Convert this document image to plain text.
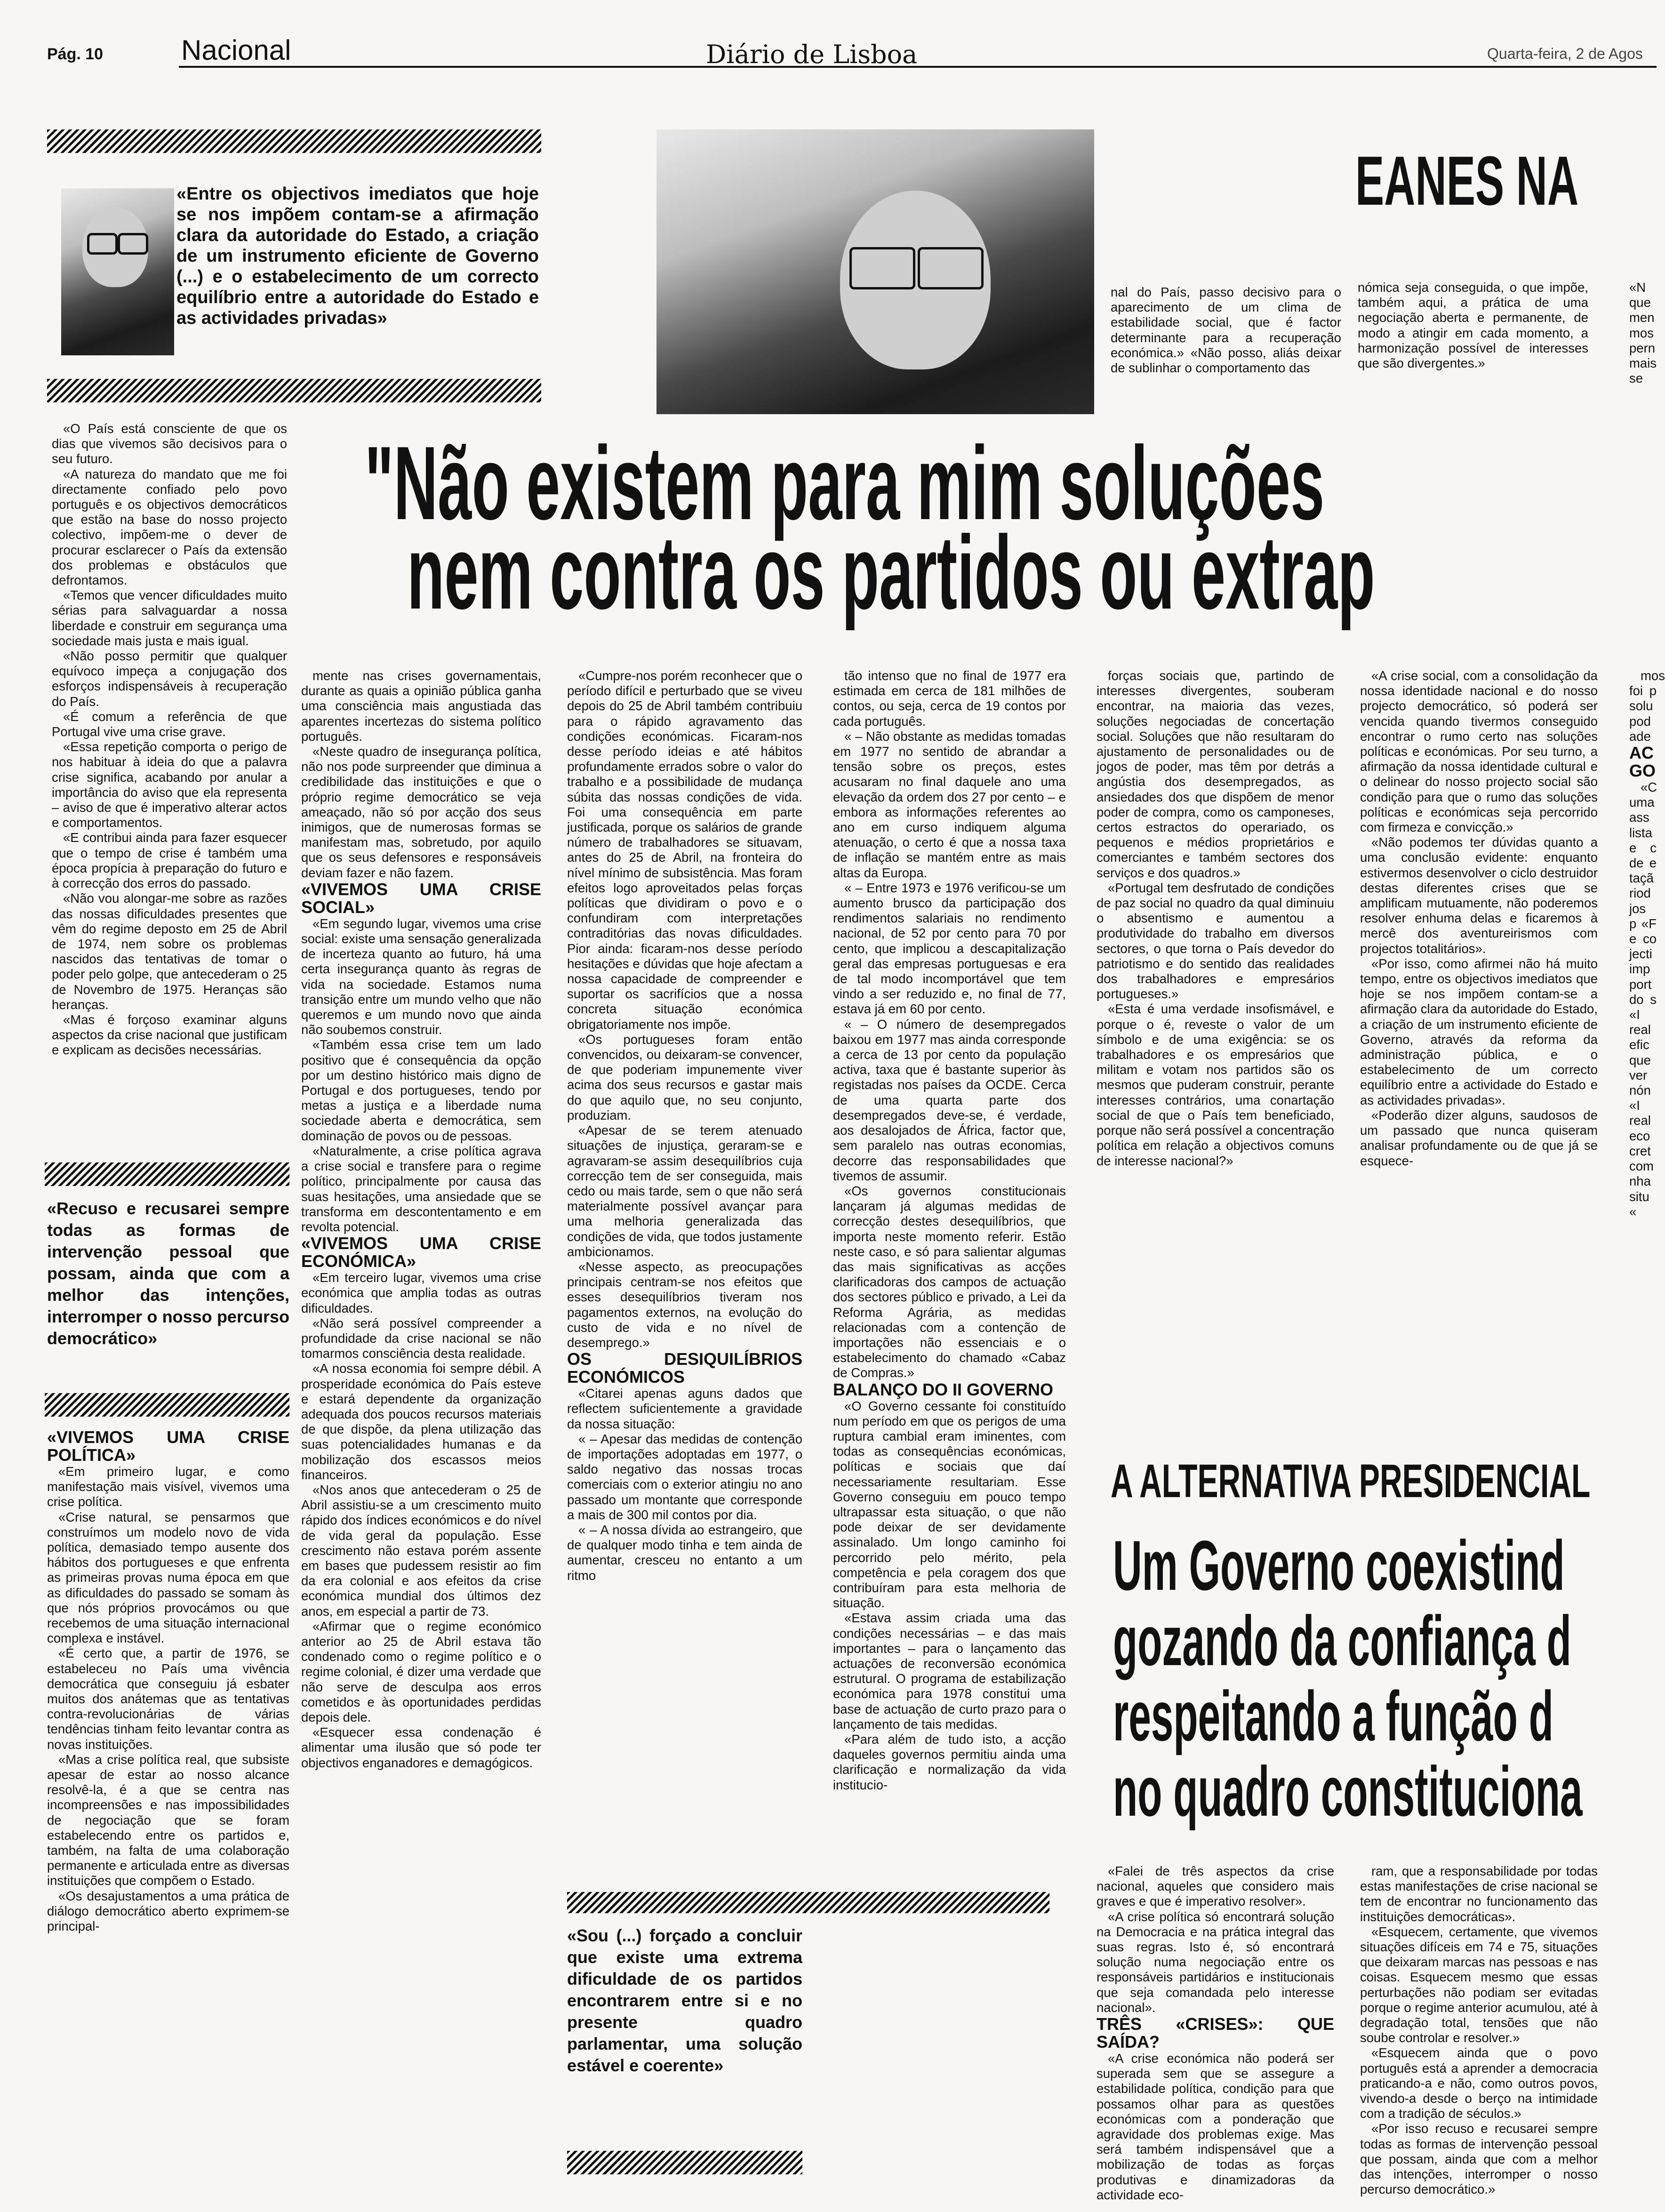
Pág. 10	Nacional	Diário de Lisboa	Quarta-feira, 2 de Agos
«Entre os objectivos imediatos que hoje se nos impõem contam-se a afirmação clara da autoridade do Estado, a criação de um instrumento eficiente de Governo (...) e o estabelecimento de um correcto equilíbrio entre a autoridade do Estado e as actividades privadas»
EANES NA
nal do País, passo decisivo para o aparecimento de um clima de estabilidade social, que é factor determinante para a recuperação económica.» «Não posso, aliás deixar de sublinhar o comportamento das
nómica seja conseguida, o que impõe, também aqui, a prática de uma negociação aberta e permanente, de modo a atingir em cada momento, a harmonização possível de interesses que são divergentes.»
«N que men mos pern mais se
"Não existem para mim soluções
nem contra os partidos ou extrap

«O País está consciente de que os dias que vivemos são decisivos para o seu futuro.

«A natureza do mandato que me foi directamente confiado pelo povo português e os objectivos democráticos que estão na base do nosso projecto colectivo, impõem-me o dever de procurar esclarecer o País da extensão dos problemas e obstáculos que defrontamos.

«Temos que vencer dificuldades muito sérias para salvaguardar a nossa liberdade e construir em segurança uma sociedade mais justa e mais igual.

«Não posso permitir que qualquer equívoco impeça a conjugação dos esforços indispensáveis à recuperação do País.

«É comum a referência de que Portugal vive uma crise grave.

«Essa repetição comporta o perigo de nos habituar à ideia do que a palavra crise significa, acabando por anular a importância do aviso que ela representa – aviso de que é imperativo alterar actos e comportamentos.

«E contribui ainda para fazer esquecer que o tempo de crise é também uma época propícia à preparação do futuro e à correcção dos erros do passado.

«Não vou alongar-me sobre as razões das nossas dificuldades presentes que vêm do regime deposto em 25 de Abril de 1974, nem sobre os problemas nascidos das tentativas de tomar o poder pelo golpe, que antecederam o 25 de Novembro de 1975. Heranças são heranças.

«Mas é forçoso examinar alguns aspectos da crise nacional que justificam e explicam as decisões necessárias.

«Recuso e recusarei sempre todas as formas de intervenção pessoal que possam, ainda que com a melhor das intenções, interromper o nosso percurso democrático»

«VIVEMOS UMA CRISE POLÍTICA»

«Em primeiro lugar, e como manifestação mais visível, vivemos uma crise política.

«Crise natural, se pensarmos que construímos um modelo novo de vida política, demasiado tempo ausente dos hábitos dos portugueses e que enfrenta as primeiras provas numa época em que as dificuldades do passado se somam às que nós próprios provocámos ou que recebemos de uma situação internacional complexa e instável.

«É certo que, a partir de 1976, se estabeleceu no País uma vivência democrática que conseguiu já esbater muitos dos anátemas que as tentativas contra-revolucionárias de várias tendências tinham feito levantar contra as novas instituições.

«Mas a crise política real, que subsiste apesar de estar ao nosso alcance resolvê-la, é a que se centra nas incompreensões e nas impossibilidades de negociação que se foram estabelecendo entre os partidos e, também, na falta de uma colaboração permanente e articulada entre as diversas instituições que compõem o Estado.

«Os desajustamentos a uma prática de diálogo democrático aberto exprimem-se principal-

mente nas crises governamentais, durante as quais a opinião pública ganha uma consciência mais angustiada das aparentes incertezas do sistema político português.

«Neste quadro de insegurança política, não nos pode surpreender que diminua a credibilidade das instituições e que o próprio regime democrático se veja ameaçado, não só por acção dos seus inimigos, que de numerosas formas se manifestam mas, sobretudo, por aquilo que os seus defensores e responsáveis deviam fazer e não fazem.

«VIVEMOS UMA CRISE SOCIAL»

«Em segundo lugar, vivemos uma crise social: existe uma sensação generalizada de incerteza quanto ao futuro, há uma certa insegurança quanto às regras de vida na sociedade. Estamos numa transição entre um mundo velho que não queremos e um mundo novo que ainda não soubemos construir.

«Também essa crise tem um lado positivo que é consequência da opção por um destino histórico mais digno de Portugal e dos portugueses, tendo por metas a justiça e a liberdade numa sociedade aberta e democrática, sem dominação de povos ou de pessoas.

«Naturalmente, a crise política agrava a crise social e transfere para o regime político, principalmente por causa das suas hesitações, uma ansiedade que se transforma em descontentamento e em revolta potencial.

«VIVEMOS UMA CRISE ECONÓMICA»

«Em terceiro lugar, vivemos uma crise económica que amplia todas as outras dificuldades.

«Não será possível compreender a profundidade da crise nacional se não tomarmos consciência desta realidade.

«A nossa economia foi sempre débil. A prosperidade económica do País esteve e estará dependente da organização adequada dos poucos recursos materiais de que dispõe, da plena utilização das suas potencialidades humanas e da mobilização dos escassos meios financeiros.

«Nos anos que antecederam o 25 de Abril assistiu-se a um crescimento muito rápido dos índices económicos e do nível de vida geral da população. Esse crescimento não estava porém assente em bases que pudessem resistir ao fim da era colonial e aos efeitos da crise económica mundial dos últimos dez anos, em especial a partir de 73.

«Afirmar que o regime económico anterior ao 25 de Abril estava tão condenado como o regime político e o regime colonial, é dizer uma verdade que não serve de desculpa aos erros cometidos e às oportunidades perdidas depois dele.

«Esquecer essa condenação é alimentar uma ilusão que só pode ter objectivos enganadores e demagógicos.

«Cumpre-nos porém reconhecer que o período difícil e perturbado que se viveu depois do 25 de Abril também contribuiu para o rápido agravamento das condições económicas. Ficaram-nos desse período ideias e até hábitos profundamente errados sobre o valor do trabalho e a possibilidade de mudança súbita das nossas condições de vida. Foi uma consequência em parte justificada, porque os salários de grande número de trabalhadores se situavam, antes do 25 de Abril, na fronteira do nível mínimo de subsistência. Mas foram efeitos logo aproveitados pelas forças políticas que dividiram o povo e o confundiram com interpretações contraditórias das novas dificuldades. Pior ainda: ficaram-nos desse período hesitações e dúvidas que hoje afectam a nossa capacidade de compreender e suportar os sacrifícios que a nossa concreta situação económica obrigatoriamente nos impõe.

«Os portugueses foram então convencidos, ou deixaram-se convencer, de que poderiam impunemente viver acima dos seus recursos e gastar mais do que aquilo que, no seu conjunto, produziam.

«Apesar de se terem atenuado situações de injustiça, geraram-se e agravaram-se assim desequilíbrios cuja correcção tem de ser conseguida, mais cedo ou mais tarde, sem o que não será materialmente possível avançar para uma melhoria generalizada das condições de vida, que todos justamente ambicionamos.

«Nesse aspecto, as preocupações principais centram-se nos efeitos que esses desequilíbrios tiveram nos pagamentos externos, na evolução do custo de vida e no nível de desemprego.»

OS DESIQUILÍBRIOS ECONÓMICOS

«Citarei apenas aguns dados que reflectem suficientemente a gravidade da nossa situação:

« – Apesar das medidas de contenção de importações adoptadas em 1977, o saldo negativo das nossas trocas comerciais com o exterior atingiu no ano passado um montante que corresponde a mais de 300 mil contos por dia.

« – A nossa dívida ao estrangeiro, que de qualquer modo tinha e tem ainda de aumentar, cresceu no entanto a um ritmo

«Sou (...) forçado a concluir que existe uma extrema dificuldade de os partidos encontrarem entre si e no presente quadro parlamentar, uma solução estável e coerente»

tão intenso que no final de 1977 era estimada em cerca de 181 milhões de contos, ou seja, cerca de 19 contos por cada português.

« – Não obstante as medidas tomadas em 1977 no sentido de abrandar a tensão sobre os preços, estes acusaram no final daquele ano uma elevação da ordem dos 27 por cento – e embora as informações referentes ao ano em curso indiquem alguma atenuação, o certo é que a nossa taxa de inflação se mantém entre as mais altas da Europa.

« – Entre 1973 e 1976 verificou-se um aumento brusco da participação dos rendimentos salariais no rendimento nacional, de 52 por cento para 70 por cento, que implicou a descapitalização geral das empresas portuguesas e era de tal modo incomportável que tem vindo a ser reduzido e, no final de 77, estava já em 60 por cento.

« – O número de desempregados baixou em 1977 mas ainda corresponde a cerca de 13 por cento da população activa, taxa que é bastante superior às registadas nos países da OCDE. Cerca de uma quarta parte dos desempregados deve-se, é verdade, aos desalojados de África, factor que, sem paralelo nas outras economias, decorre das responsabilidades que tivemos de assumir.

«Os governos constitucionais lançaram já algumas medidas de correcção destes desequilíbrios, que importa neste momento referir. Estão neste caso, e só para salientar algumas das mais significativas as acções clarificadoras dos campos de actuação dos sectores público e privado, a Lei da Reforma Agrária, as medidas relacionadas com a contenção de importações não essenciais e o estabelecimento do chamado «Cabaz de Compras.»

BALANÇO DO II GOVERNO

«O Governo cessante foi constituído num período em que os perigos de uma ruptura cambial eram iminentes, com todas as consequências económicas, políticas e sociais que daí necessariamente resultariam. Esse Governo conseguiu em pouco tempo ultrapassar esta situação, o que não pode deixar de ser devidamente assinalado. Um longo caminho foi percorrido pelo mérito, pela competência e pela coragem dos que contribuíram para esta melhoria de situação.

«Estava assim criada uma das condições necessárias – e das mais importantes – para o lançamento das actuações de reconversão económica estrutural. O programa de estabilização económica para 1978 constitui uma base de actuação de curto prazo para o lançamento de tais medidas.

«Para além de tudo isto, a acção daqueles governos permitiu ainda uma clarificação e normalização da vida institucio-

forças sociais que, partindo de interesses divergentes, souberam encontrar, na maioria das vezes, soluções negociadas de concertação social. Soluções que não resultaram do ajustamento de personalidades ou de jogos de poder, mas têm por detrás a angústia dos desempregados, as ansiedades dos que dispõem de menor poder de compra, como os camponeses, certos estractos do operariado, os pequenos e médios proprietários e comerciantes e também sectores dos serviços e dos quadros.»

«Portugal tem desfrutado de condições de paz social no quadro da qual diminuiu o absentismo e aumentou a produtividade do trabalho em diversos sectores, o que torna o País devedor do patriotismo e do sentido das realidades dos trabalhadores e empresários portugueses.»

«Esta é uma verdade insofismável, e porque o é, reveste o valor de um símbolo e de uma exigência: se os trabalhadores e os empresários que militam e votam nos partidos são os mesmos que puderam construir, perante interesses contrários, uma conartação social de que o País tem beneficiado, porque não será possível a concentração política em relação a objectivos comuns de interesse nacional?»

«A crise social, com a consolidação da nossa identidade nacional e do nosso projecto democrático, só poderá ser vencida quando tivermos conseguido encontrar o rumo certo nas soluções políticas e económicas. Por seu turno, a afirmação da nossa identidade cultural e o delinear do nosso projecto social são condição para que o rumo das soluções políticas e económicas seja percorrido com firmeza e convicção.»

«Não podemos ter dúvidas quanto a uma conclusão evidente: enquanto estivermos desenvolver o ciclo destruidor destas diferentes crises que se amplificam mutuamente, não poderemos resolver enhuma delas e ficaremos à mercê dos aventureirismos com projectos totalitários».

«Por isso, como afirmei não há muito tempo, entre os objectivos imediatos que hoje se nos impõem contam-se a afirmação clara da autoridade do Estado, a criação de um instrumento eficiente de Governo, através da reforma da administração pública, e o estabelecimento de um correcto equilíbrio entre a actividade do Estado e as actividades privadas».

«Poderão dizer alguns, saudosos de um passado que nunca quiseram analisar profundamente ou de que já se esquece-

mos foi p solu pod ade

AC GO

«C uma ass lista e c de e taçã riod jos p «F e co jecti imp port do s «I real efic que ver nón «I real eco cret com nha situ «

A ALTERNATIVA PRESIDENCIAL
Um Governo coexistind
gozando da confiança d
respeitando a função d
no quadro constituciona

«Falei de três aspectos da crise nacional, aqueles que considero mais graves e que é imperativo resolver».

«A crise política só encontrará solução na Democracia e na prática integral das suas regras. Isto é, só encontrará solução numa negociação entre os responsáveis partidários e institucionais que seja comandada pelo interesse nacional».

TRÊS «CRISES»: QUE SAÍDA?

«A crise económica não poderá ser superada sem que se assegure a estabilidade política, condição para que possamos olhar para as questões económicas com a ponderação que agravidade dos problemas exige. Mas será também indispensável que a mobilização de todas as forças produtivas e dinamizadoras da actividade eco-

ram, que a responsabilidade por todas estas manifestações de crise nacional se tem de encontrar no funcionamento das instituições democráticas».

«Esquecem, certamente, que vivemos situações difíceis em 74 e 75, situações que deixaram marcas nas pessoas e nas coisas. Esquecem mesmo que essas perturbações não podiam ser evitadas porque o regime anterior acumulou, até à degradação total, tensões que não soube controlar e resolver.»

«Esquecem ainda que o povo português está a aprender a democracia praticando-a e não, como outros povos, vivendo-a desde o berço na intimidade com a tradição de séculos.»

«Por isso recuso e recusarei sempre todas as formas de intervenção pessoal que possam, ainda que com a melhor das intenções, interromper o nosso percurso democrático.»
